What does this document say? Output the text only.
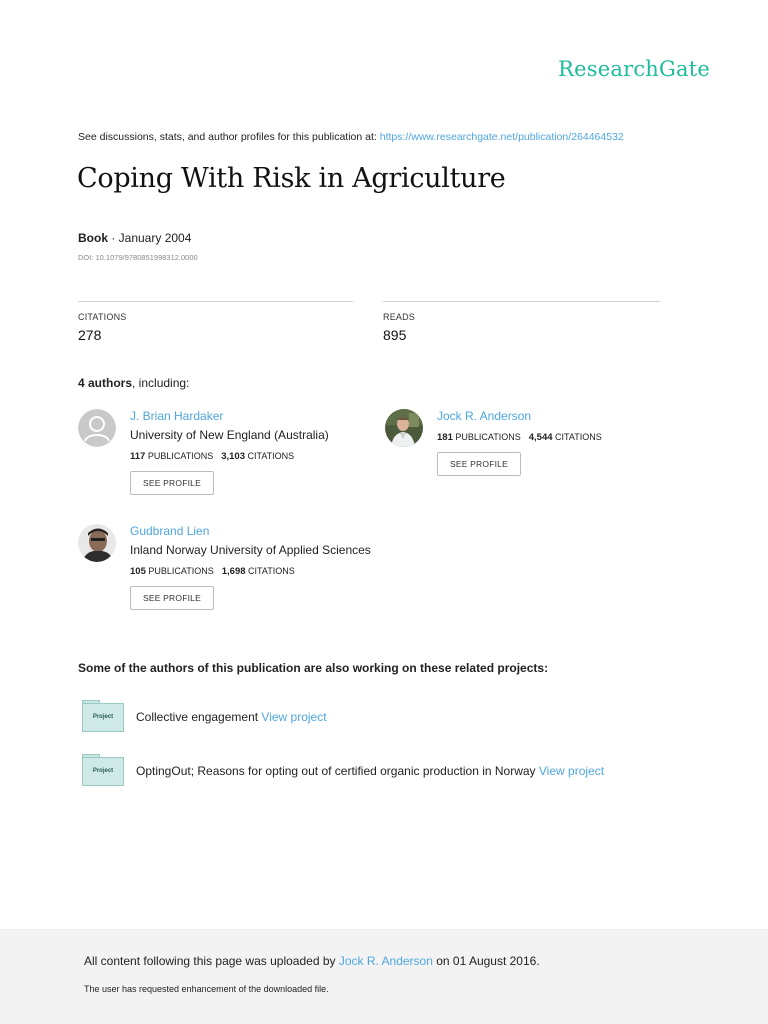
ResearchGate
See discussions, stats, and author profiles for this publication at: https://www.researchgate.net/publication/264464532
Coping With Risk in Agriculture
Book · January 2004
DOI: 10.1079/9780851998312.0000
CITATIONS
278
READS
895
4 authors, including:
J. Brian Hardaker
University of New England (Australia)
117 PUBLICATIONS 3,103 CITATIONS
SEE PROFILE
Jock R. Anderson
181 PUBLICATIONS 4,544 CITATIONS
SEE PROFILE
Gudbrand Lien
Inland Norway University of Applied Sciences
105 PUBLICATIONS 1,698 CITATIONS
SEE PROFILE
Some of the authors of this publication are also working on these related projects:
Project	Collective engagement View project
Project	OptingOut; Reasons for opting out of certified organic production in Norway View project
All content following this page was uploaded by Jock R. Anderson on 01 August 2016.
The user has requested enhancement of the downloaded file.
